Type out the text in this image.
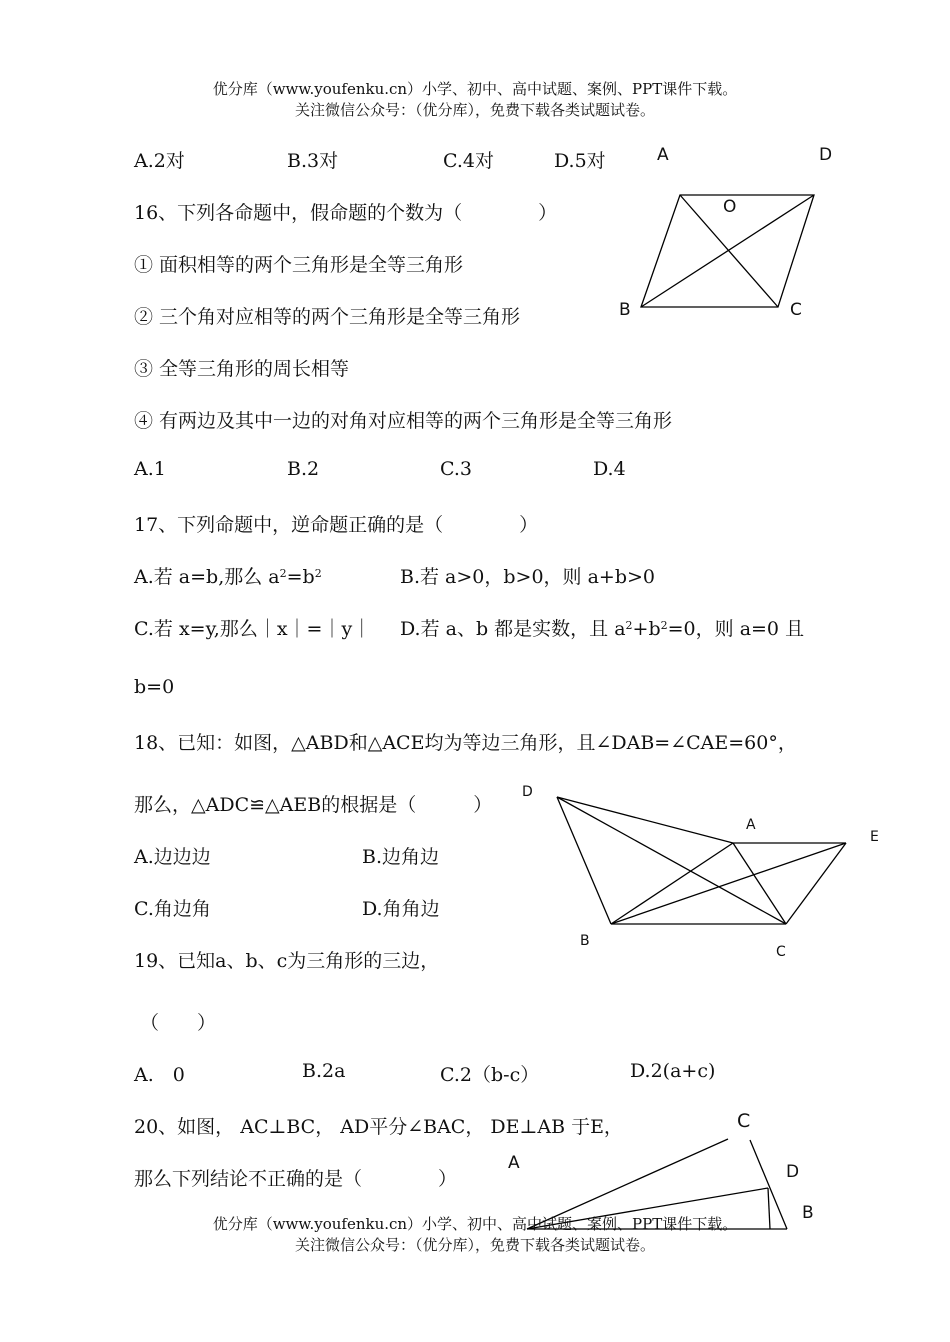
优分库（www.youfenku.cn）小学、初中、高中试题、案例、PPT课件下载。
关注微信公众号：（优分库），免费下载各类试题试卷。
A.2对	B.3对	C.4对	D.5对
16、下列各命题中，假命题的个数为（　　　　）
① 面积相等的两个三角形是全等三角形
② 三个角对应相等的两个三角形是全等三角形
③ 全等三角形的周长相等
④ 有两边及其中一边的对角对应相等的两个三角形是全等三角形
A.1	B.2	C.3	D.4
17、下列命题中，逆命题正确的是（　　　　）
A.若 a=b,那么 $a^2=b^2$	B.若 a>0，b>0，则 a+b>0
C.若 x=y,那么｜x｜=｜y｜ D.若 a、b 都是实数，且 $a^2+b^2=0$，则 a=0 且
b=0
18、已知：如图，△ABD和△ACE均为等边三角形，且∠DAB=∠CAE=60°，
那么，△ADC≌△AEB的根据是（　　　）
A.边边边	B.边角边
C.角边角	D.角角边
19、已知a、b、c为三角形的三边，
（　　）
A.　0	B.2a	C.2（b-c）	D.2(a+c)
20、如图， AC⊥BC， AD平分∠BAC， DE⊥AB 于E，
那么下列结论不正确的是（　　　　）
A	D
O
B	C
D
A
E
B
C
C
A	D
B
优分库（www.youfenku.cn）小学、初中、高中试题、案例、PPT课件下载。
关注微信公众号：（优分库），免费下载各类试题试卷。
